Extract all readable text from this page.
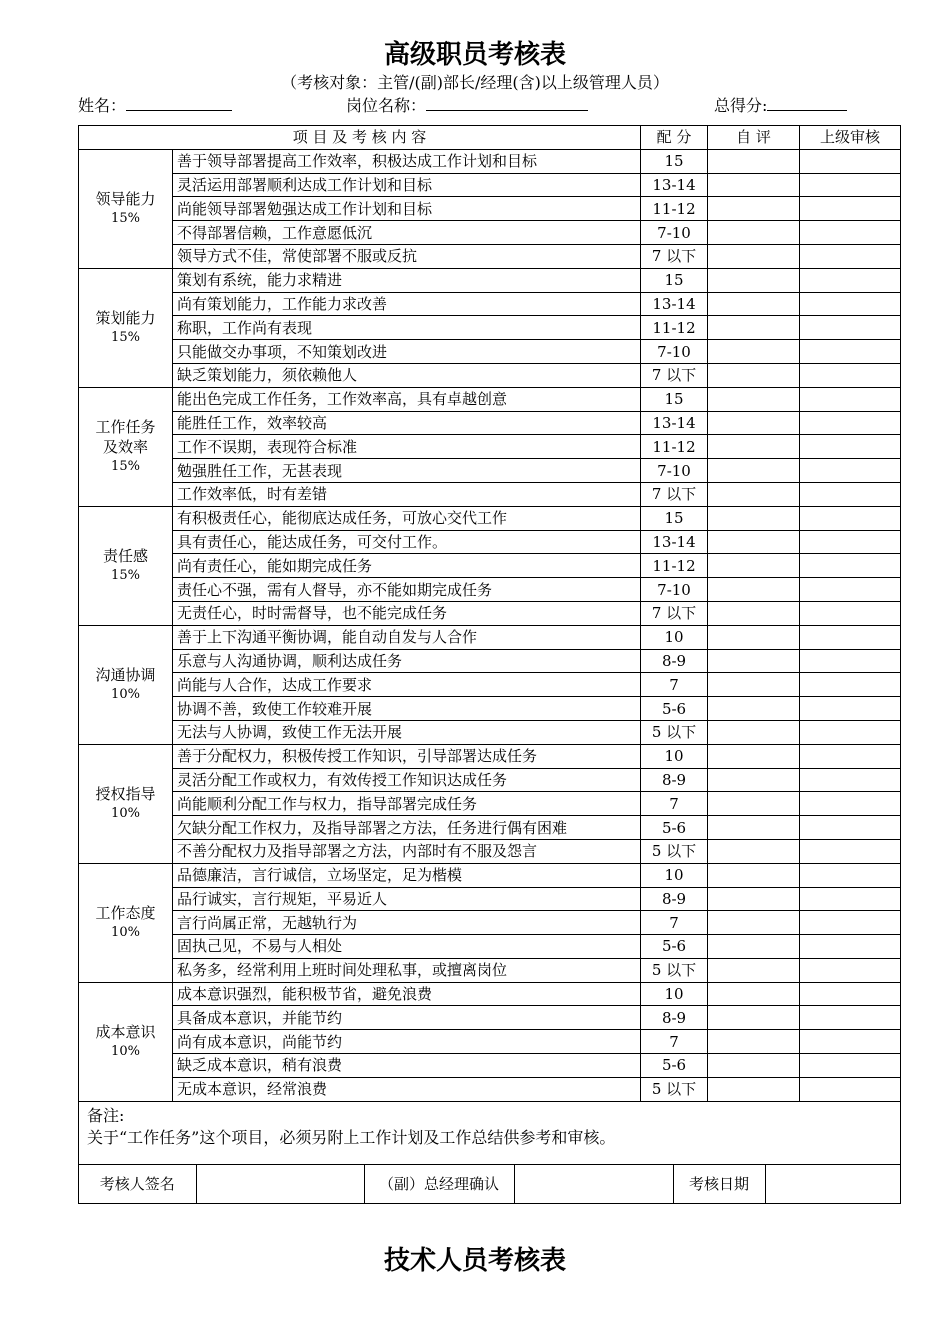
高级职员考核表
（考核对象：主管/(副)部长/经理(含)以上级管理人员）
姓名：	岗位名称：	总得分:
项 目 及 考 核 内 容	配 分	自 评	上级审核

领导能力
15%
	善于领导部署提高工作效率，积极达成工作计划和目标	15		
灵活运用部署顺利达成工作计划和目标	13-14		
尚能领导部署勉强达成工作计划和目标	11-12		
不得部署信赖，工作意愿低沉	7-10		
领导方式不佳，常使部署不服或反抗	7 以下		

策划能力
15%
	策划有系统，能力求精进	15		
尚有策划能力，工作能力求改善	13-14		
称职，工作尚有表现	11-12		
只能做交办事项，不知策划改进	7-10		
缺乏策划能力，须依赖他人	7 以下		

工作任务
及效率
15%
	能出色完成工作任务，工作效率高，具有卓越创意	15		
能胜任工作，效率较高	13-14		
工作不误期，表现符合标准	11-12		
勉强胜任工作，无甚表现	7-10		
工作效率低，时有差错	7 以下		

责任感
15%
	有积极责任心，能彻底达成任务，可放心交代工作	15		
具有责任心，能达成任务，可交付工作。	13-14		
尚有责任心，能如期完成任务	11-12		
责任心不强，需有人督导，亦不能如期完成任务	7-10		
无责任心，时时需督导，也不能完成任务	7 以下		

沟通协调
10%
	善于上下沟通平衡协调，能自动自发与人合作	10		
乐意与人沟通协调，顺利达成任务	8-9		
尚能与人合作，达成工作要求	7		
协调不善，致使工作较难开展	5-6		
无法与人协调，致使工作无法开展	5 以下		

授权指导
10%
	善于分配权力，积极传授工作知识，引导部署达成任务	10		
灵活分配工作或权力，有效传授工作知识达成任务	8-9		
尚能顺利分配工作与权力，指导部署完成任务	7		
欠缺分配工作权力，及指导部署之方法，任务进行偶有困难	5-6		
不善分配权力及指导部署之方法，内部时有不服及怨言	5 以下		

工作态度
10%
	品德廉洁，言行诚信，立场坚定，足为楷模	10		
品行诚实，言行规矩，平易近人	8-9		
言行尚属正常，无越轨行为	7		
固执己见，不易与人相处	5-6		
私务多，经常利用上班时间处理私事，或擅离岗位	5 以下		

成本意识
10%
	成本意识强烈，能积极节省，避免浪费	10		
具备成本意识，并能节约	8-9		
尚有成本意识，尚能节约	7		
缺乏成本意识，稍有浪费	5-6		
无成本意识，经常浪费	5 以下		

备注:
关于“工作任务”这个项目，必须另附上工作计划及工作总结供参考和审核。

考核人签名		（副）总经理确认		考核日期	
技术人员考核表
